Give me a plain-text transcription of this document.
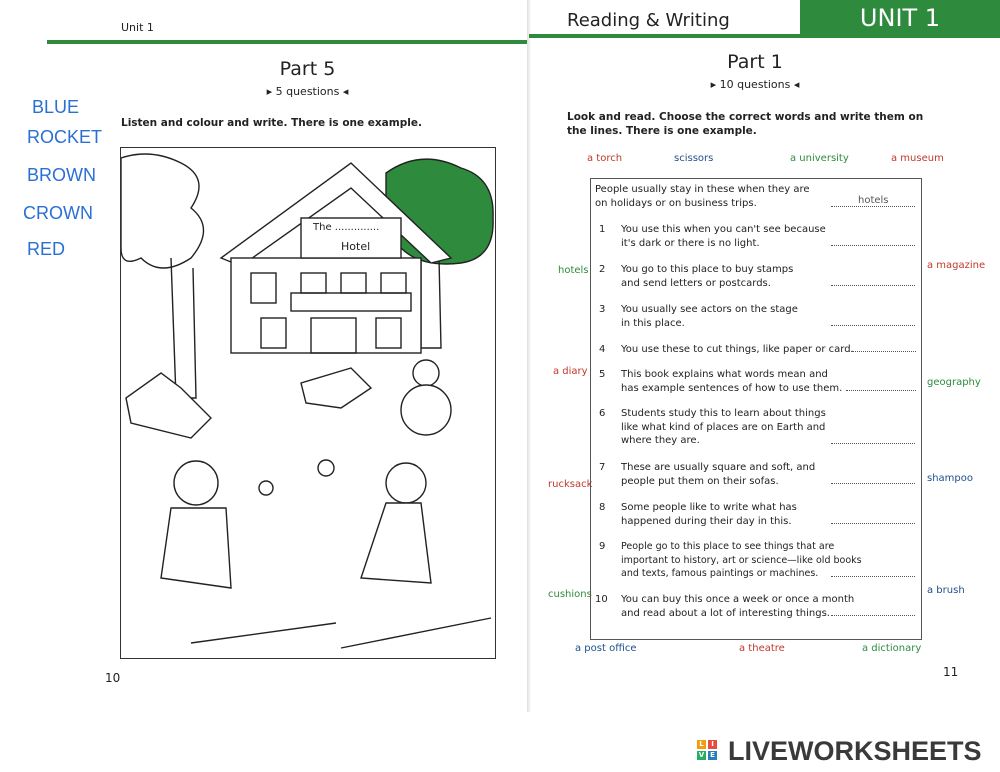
Unit 1
Part 5
▸ 5 questions ◂
Listen and colour and write. There is one example.
BLUE
ROCKET
BROWN
CROWN
RED
The ..............
Hotel
10
Reading & Writing	UNIT 1
Part 1
▸ 10 questions ◂
Look and read. Choose the correct words and write them on the lines. There is one example.
a torch	scissors	a university	a museum
hotels
a diary
rucksack
cushions
a magazine
geography
shampoo
a brush
a post office	a theatre	a dictionary
People usually stay in these when they are
on holidays or on business trips.
1 You use this when you can't see because
it's dark or there is no light.
2 You go to this place to buy stamps
and send letters or postcards.
3 You usually see actors on the stage
in this place.
4 You use these to cut things, like paper or card.
5 This book explains what words mean and
has example sentences of how to use them.
6 Students study this to learn about things
like what kind of places are on Earth and
where they are.
7 These are usually square and soft, and
people put them on their sofas.
8 Some people like to write what has
happened during their day in this.
9 People go to this place to see things that are
important to history, art or science—like old books
and texts, famous paintings or machines.
10 You can buy this once a week or once a month
and read about a lot of interesting things.
hotels
11
L	I
V E LIVEWORKSHEETS
